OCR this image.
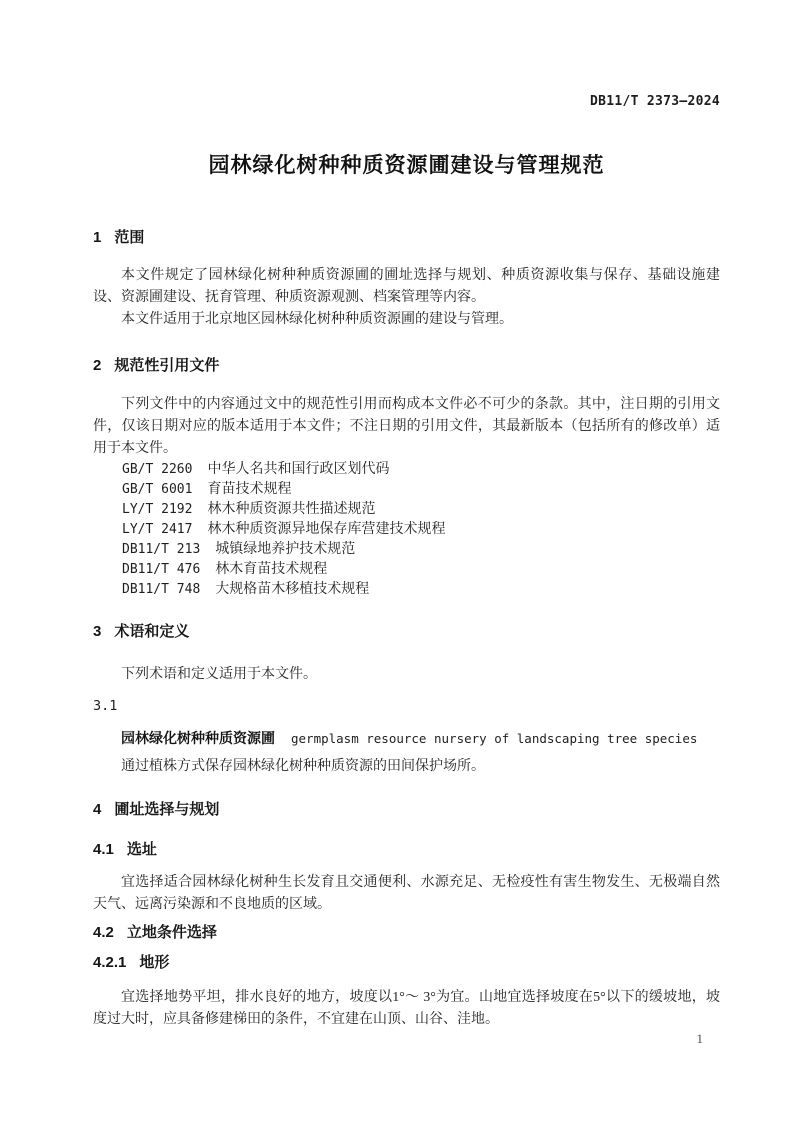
DB11/T 2373—2024
园林绿化树种种质资源圃建设与管理规范
1 范围
本文件规定了园林绿化树种种质资源圃的圃址选择与规划、种质资源收集与保存、基础设施建设、资源圃建设、抚育管理、种质资源观测、档案管理等内容。
本文件适用于北京地区园林绿化树种种质资源圃的建设与管理。
2 规范性引用文件
下列文件中的内容通过文中的规范性引用而构成本文件必不可少的条款。其中，注日期的引用文件，仅该日期对应的版本适用于本文件；不注日期的引用文件，其最新版本（包括所有的修改单）适用于本文件。
GB/T 2260 中华人名共和国行政区划代码
GB/T 6001 育苗技术规程
LY/T 2192 林木种质资源共性描述规范
LY/T 2417 林木种质资源异地保存库营建技术规程
DB11/T 213 城镇绿地养护技术规范
DB11/T 476 林木育苗技术规程
DB11/T 748 大规格苗木移植技术规程
3 术语和定义
下列术语和定义适用于本文件。
3.1
园林绿化树种种质资源圃 germplasm resource nursery of landscaping tree species
通过植株方式保存园林绿化树种种质资源的田间保护场所。
4 圃址选择与规划
4.1 选址
宜选择适合园林绿化树种生长发育且交通便利、水源充足、无检疫性有害生物发生、无极端自然天气、远离污染源和不良地质的区域。
4.2 立地条件选择
4.2.1 地形
宜选择地势平坦，排水良好的地方，坡度以1°～ 3°为宜。山地宜选择坡度在5°以下的缓坡地，坡度过大时，应具备修建梯田的条件，不宜建在山顶、山谷、洼地。
1
